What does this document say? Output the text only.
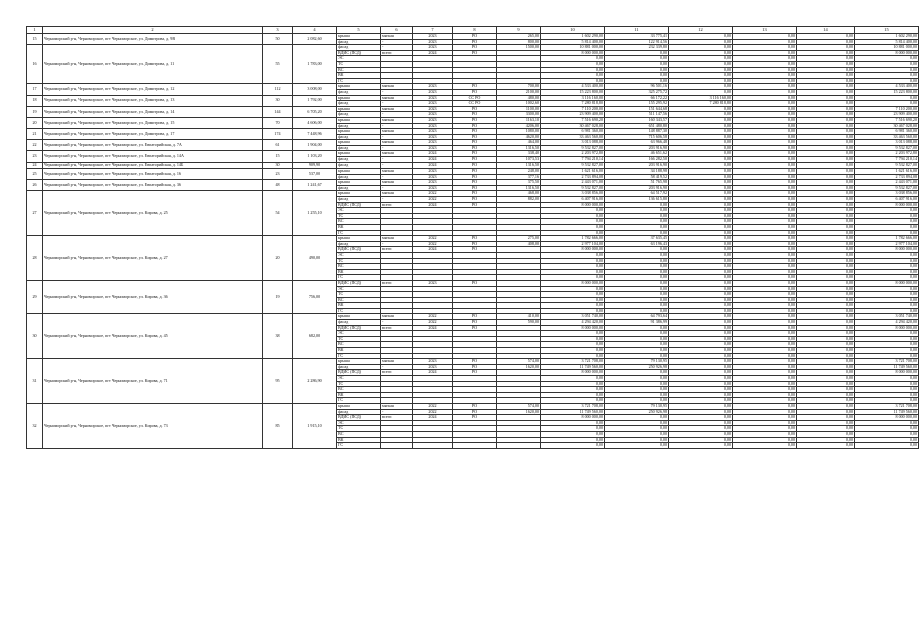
1	2	3	4	5	6	7	8	9	10	11	12	13	14	15
15	Черноморский р-н, Черноморское, пгт Черноморское, ул. Димитрова, д. 9В	50	2 082,60	крыша	мягкая	2023	РО	265,00	1 602 290,00	33 775,41	0,00	0,00	0,00	1 602 290,00
				фасад	-	2023	РО	800,00	5 814 400,00	122 914,56	0,00	0,00	0,00	5 814 400,00
16	Черноморский р-н, Черноморское, пгт Черноморское, ул. Димитрова, д. 11	55	1 783,00	фасад	-	2023	РО	1500,00	10 881 000,00	232 339,80	0,00	0,00	0,00	10 881 000,00
				ВДИС (ПСД)	всего:	2024	РО		8 000 000,00	0,00	0,00	0,00	0,00	8 000 000,00
				ЭС					0,00	0,00	0,00	0,00	0,00	0,00
				ТС					0,00	0,00	0,00	0,00	0,00	0,00
				ВС					0,00	0,00	0,00	0,00	0,00	0,00
				ВК					0,00	0,00	0,00	0,00	0,00	0,00
				ГС					0,00	0,00	0,00	0,00	0,00	0,00
17	Черноморский р-н, Черноморское, пгт Черноморское, ул. Димитрова, д. 12	112	3 008,00	крыша	мягкая	2023	РО	700,00	4 533 400,00	96 501,16	0,00	0,00	0,00	4 533 400,00
				фасад	-	2023	РО	2100,00	15 223 800,00	325 275,72	0,00	0,00	0,00	15 223 800,00
18	Черноморский р-н, Черноморское, пгт Черноморское, ул. Димитрова, д. 13	30	1 792,00	крыша	мягкая	2023	СС РО	480,00	3 116 160,00	66 172,22	3 116 160,00	0,00	0,00	0,00
				фасад	-	2023	СС РО	1002,60	7 280 818,80	155 295,92	7 280 818,80	0,00	0,00	0,00
19	Черноморский р-н, Черноморское, пгт Черноморское, ул. Димитрова, д. 14	144	6 705,20	крыша	мягкая	2023	РО	1100,00	7 110 200,00	151 644,68	0,00	0,00	0,00	7 110 200,00
				фасад	-	2023	РО	3300,00	23 909 400,00	511 147,56	0,00	0,00	0,00	23 909 400,00
20	Черноморский р-н, Черноморское, пгт Черноморское, ул. Димитрова, д. 15	70	4 606,00	крыша	мягкая	2023	РО	1163,10	7 516 690,20	160 343,57	0,00	0,00	0,00	7 516 690,20
				фасад	-	2023	РО	4206,00	30 467 028,00	651 480,80	0,00	0,00	0,00	30 467 028,00
21	Черноморский р-н, Черноморское, пгт Черноморское, ул. Димитрова, д. 17	174	7 448,96	крыша	мягкая	2023	РО	1080,00	6 981 360,00	148 887,30	0,00	0,00	0,00	6 981 360,00
				фасад	-	2023	РО	4620,00	33 463 560,00	715 606,58	0,00	0,00	0,00	33 463 560,00
22	Черноморский р-н, Черноморское, пгт Черноморское, ул. Евпаторийская, д. 7А	61	1 904,00	крыша	мягкая	2023	РО	464,00	3 013 088,00	63 966,48	0,00	0,00	0,00	3 013 088,00
				фасад	-	2023	РО	1316,50	9 532 827,00	203 916,90	0,00	0,00	0,00	9 532 827,00
23	Черноморский р-н, Черноморское, пгт Черноморское, ул. Евпаторийская, д. 14А	15	1 103,20	крыша	мягкая	2024	РО	338,40	2 203 972,80	46 651,62	0,00	0,00	0,00	2 203 972,80
				фасад	-	2024	РО	1073,53	7 794 210,14	166 282,50	0,00	0,00	0,00	7 794 210,14
24	Черноморский р-н, Черноморское, пгт Черноморское, ул. Евпаторийская, д. 14Б	30	909,90	фасад	-	2024	РО	1316,50	9 532 827,00	203 916,90	0,00	0,00	0,00	9 532 827,00
25	Черноморский р-н, Черноморское, пгт Черноморское, ул. Евпаторийская, д. 16	23	537,00	крыша	мягкая	2023	РО	248,00	1 621 616,00	34 188,98	0,00	0,00	0,00	1 621 616,00
				фасад	-	2023	РО	377,16	2 733 894,08	58 419,52	0,00	0,00	0,00	2 733 894,08
26	Черноморский р-н, Черноморское, пгт Черноморское, ул. Евпаторийская, д. 36	48	1 241,67	крыша	мягкая	2023	РО	375,50	2 443 071,00	51 765,98	0,00	0,00	0,00	2 443 071,00
				фасад	-	2023	РО	1316,50	9 532 827,00	203 916,90	0,00	0,00	0,00	9 532 827,00
27	Черноморский р-н, Черноморское, пгт Черноморское, ул. Кирова, д. 25	54	1 255,10	крыша	мягкая	2022	РО	468,00	3 038 856,00	64 517,92	0,00	0,00	0,00	3 038 856,00
				фасад	-	2022	РО	882,00	6 407 916,00	136 615,80	0,00	0,00	0,00	6 407 916,00
				ВДИС (ПСД)	всего:	2024	РО		8 000 000,00	0,00	0,00	0,00	0,00	8 000 000,00
				ЭС					0,00	0,00	0,00	0,00	0,00	0,00
				ТС					0,00	0,00	0,00	0,00	0,00	0,00
				ВС					0,00	0,00	0,00	0,00	0,00	0,00
				ВК					0,00	0,00	0,00	0,00	0,00	0,00
				ГС					0,00	0,00	0,00	0,00	0,00	0,00
28	Черноморский р-н, Черноморское, пгт Черноморское, ул. Кирова, д. 27	20	490,00	крыша	мягкая	2022	РО	275,00	1 782 666,00	37 635,45	0,00	0,00	0,00	1 782 666,00
				фасад	-	2022	РО	408,00	2 977 104,00	63 196,43	0,00	0,00	0,00	2 977 104,00
				ВДИС (ПСД)	всего:	2024	РО		8 000 000,00	0,00	0,00	0,00	0,00	8 000 000,00
				ЭС					0,00	0,00	0,00	0,00	0,00	0,00
				ТС					0,00	0,00	0,00	0,00	0,00	0,00
				ВС					0,00	0,00	0,00	0,00	0,00	0,00
				ВК					0,00	0,00	0,00	0,00	0,00	0,00
				ГС					0,00	0,00	0,00	0,00	0,00	0,00
29	Черноморский р-н, Черноморское, пгт Черноморское, ул. Кирова, д. 36	19	756,00	ВДИС (ПСД)	всего:	2023	РО		8 000 000,00	0,00	0,00	0,00	0,00	8 000 000,00
				ЭС					0,00	0,00	0,00	0,00	0,00	0,00
				ТС					0,00	0,00	0,00	0,00	0,00	0,00
				ВС					0,00	0,00	0,00	0,00	0,00	0,00
				ВК					0,00	0,00	0,00	0,00	0,00	0,00
				ГС					0,00	0,00	0,00	0,00	0,00	0,00
30	Черноморский р-н, Черноморское, пгт Черноморское, ул. Кирова, д. 45	38	682,00	крыша	мягкая	2022	РО	410,00	3 051 740,00	64 793,64	0,00	0,00	0,00	3 051 740,00
				фасад	-	2022	РО	590,00	4 294 420,00	91 386,99	0,00	0,00	0,00	4 294 420,00
				ВДИС (ПСД)	всего:	2024	РО		8 000 000,00	0,00	0,00	0,00	0,00	8 000 000,00
				ЭС					0,00	0,00	0,00	0,00	0,00	0,00
				ТС					0,00	0,00	0,00	0,00	0,00	0,00
				ВС					0,00	0,00	0,00	0,00	0,00	0,00
				ВК					0,00	0,00	0,00	0,00	0,00	0,00
				ГС					0,00	0,00	0,00	0,00	0,00	0,00
31	Черноморский р-н, Черноморское, пгт Черноморское, ул. Кирова, д. 71	95	2 286,90	крыша	мягкая	2023	РО	574,00	3 721 708,00	79 130,95	0,00	0,00	0,00	3 721 708,00
				фасад	-	2023	РО	1620,00	11 749 560,00	250 926,98	0,00	0,00	0,00	11 749 560,00
				ВДИС (ПСД)	всего:	2024	РО		8 000 000,00	0,00	0,00	0,00	0,00	8 000 000,00
				ЭС					0,00	0,00	0,00	0,00	0,00	0,00
				ТС					0,00	0,00	0,00	0,00	0,00	0,00
				ВС					0,00	0,00	0,00	0,00	0,00	0,00
				ВК					0,00	0,00	0,00	0,00	0,00	0,00
				ГС					0,00	0,00	0,00	0,00	0,00	0,00
32	Черноморский р-н, Черноморское, пгт Черноморское, ул. Кирова, д. 73	85	1 915,10	крыша	мягкая	2022	РО	574,00	3 721 708,00	79 130,95	0,00	0,00	0,00	3 721 708,00
				фасад	-	2022	РО	1620,00	11 749 560,00	250 926,98	0,00	0,00	0,00	11 749 560,00
				ВДИС (ПСД)	всего:	2024	РО		8 000 000,00	0,00	0,00	0,00	0,00	8 000 000,00
				ЭС					0,00	0,00	0,00	0,00	0,00	0,00
				ТС					0,00	0,00	0,00	0,00	0,00	0,00
				ВС					0,00	0,00	0,00	0,00	0,00	0,00
				ВК					0,00	0,00	0,00	0,00	0,00	0,00
				ГС					0,00	0,00	0,00	0,00	0,00	0,00
